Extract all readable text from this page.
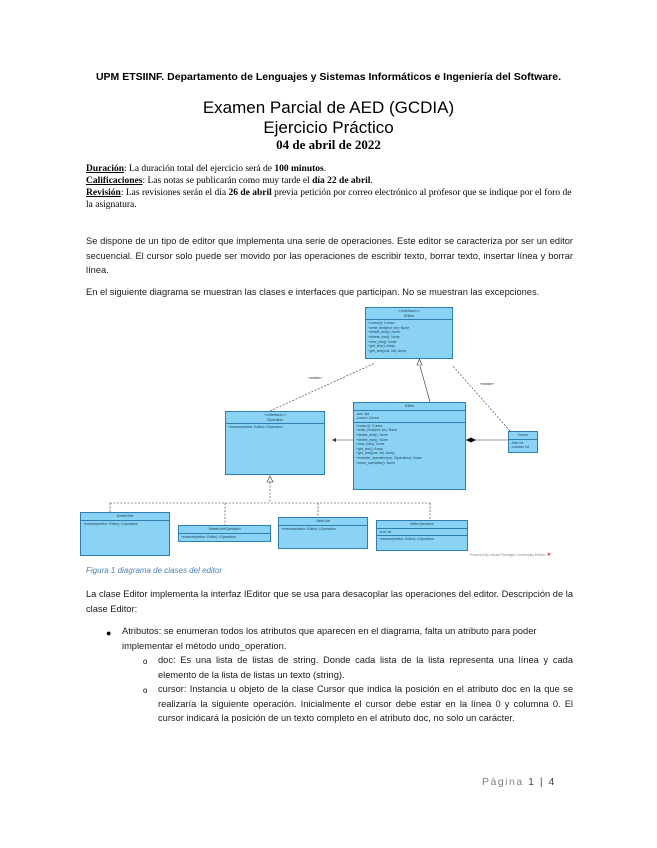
UPM ETSIINF. Departamento de Lenguajes y Sistemas Informáticos e Ingeniería del Software.
Examen Parcial de AED (GCDIA)
Ejercicio Práctico
04 de abril de 2022
Duración: La duración total del ejercicio será de 100 minutos.
Calificaciones: Las notas se publicarán como muy tarde el día 22 de abril.
Revisión: Las revisiones serán el día 26 de abril previa petición por correo electrónico al profesor que se indique por el foro de la asignatura.
Se dispone de un tipo de editor que implementa una serie de operaciones. Este editor se caracteriza por ser un editor secuencial. El cursor solo puede ser movido por las operaciones de escribir texto, borrar texto, insertar línea y borrar línea.
En el siguiente diagrama se muestran las clases e interfaces que participan. No se muestran las excepciones.
«realize»
«realize»
<<interface>>
IEditor
+cursor(): Cursor
+write_text(text: str): None
+delete_text(): None
+delete_line(): None
+new_line(): None
+get_line(): Array
+get_text(pos: int): Array
<<interface>>
IOperation
+execute(editor: Editor): IOperation
Editor
-doc: list
-cursor: Cursor
+cursor(): Cursor
+write_text(text: str): None
+delete_text(): None
+delete_line(): None
+new_line(): None
+get_line(): Array
+get_text(pos: int): Array
+execute_operation(op: IOperation): None
+undo_operation(): None
Cursor
-line: int
-column: int
DeleteText
+execute(editor: Editor): IOperation
DeleteLineOperation
+execute(editor: Editor): IOperation
NewLine
+execute(editor: Editor): IOperation
WriteOperation
-text: str
+execute(editor: Editor): IOperation
Powered By Visual Paradigm Community Edition ❖
Figura 1 diagrama de clases del editor
La clase Editor implementa la interfaz IEditor que se usa para desacoplar las operaciones del editor. Descripción de la clase Editor:
● Atributos: se enumeran todos los atributos que aparecen en el diagrama, falta un atributo para poder implementar el método undo_operation.
o doc: Es una lista de listas de string. Donde cada lista de la lista representa una línea y cada elemento de la lista de listas un texto (string).
o cursor: Instancia u objeto de la clase Cursor que indica la posición en el atributo doc en la que se realizaría la siguiente operación. Inicialmente el cursor debe estar en la línea 0 y columna 0. El cursor indicará la posición de un texto completo en el atributo doc, no solo un carácter.
Página 1 | 4
